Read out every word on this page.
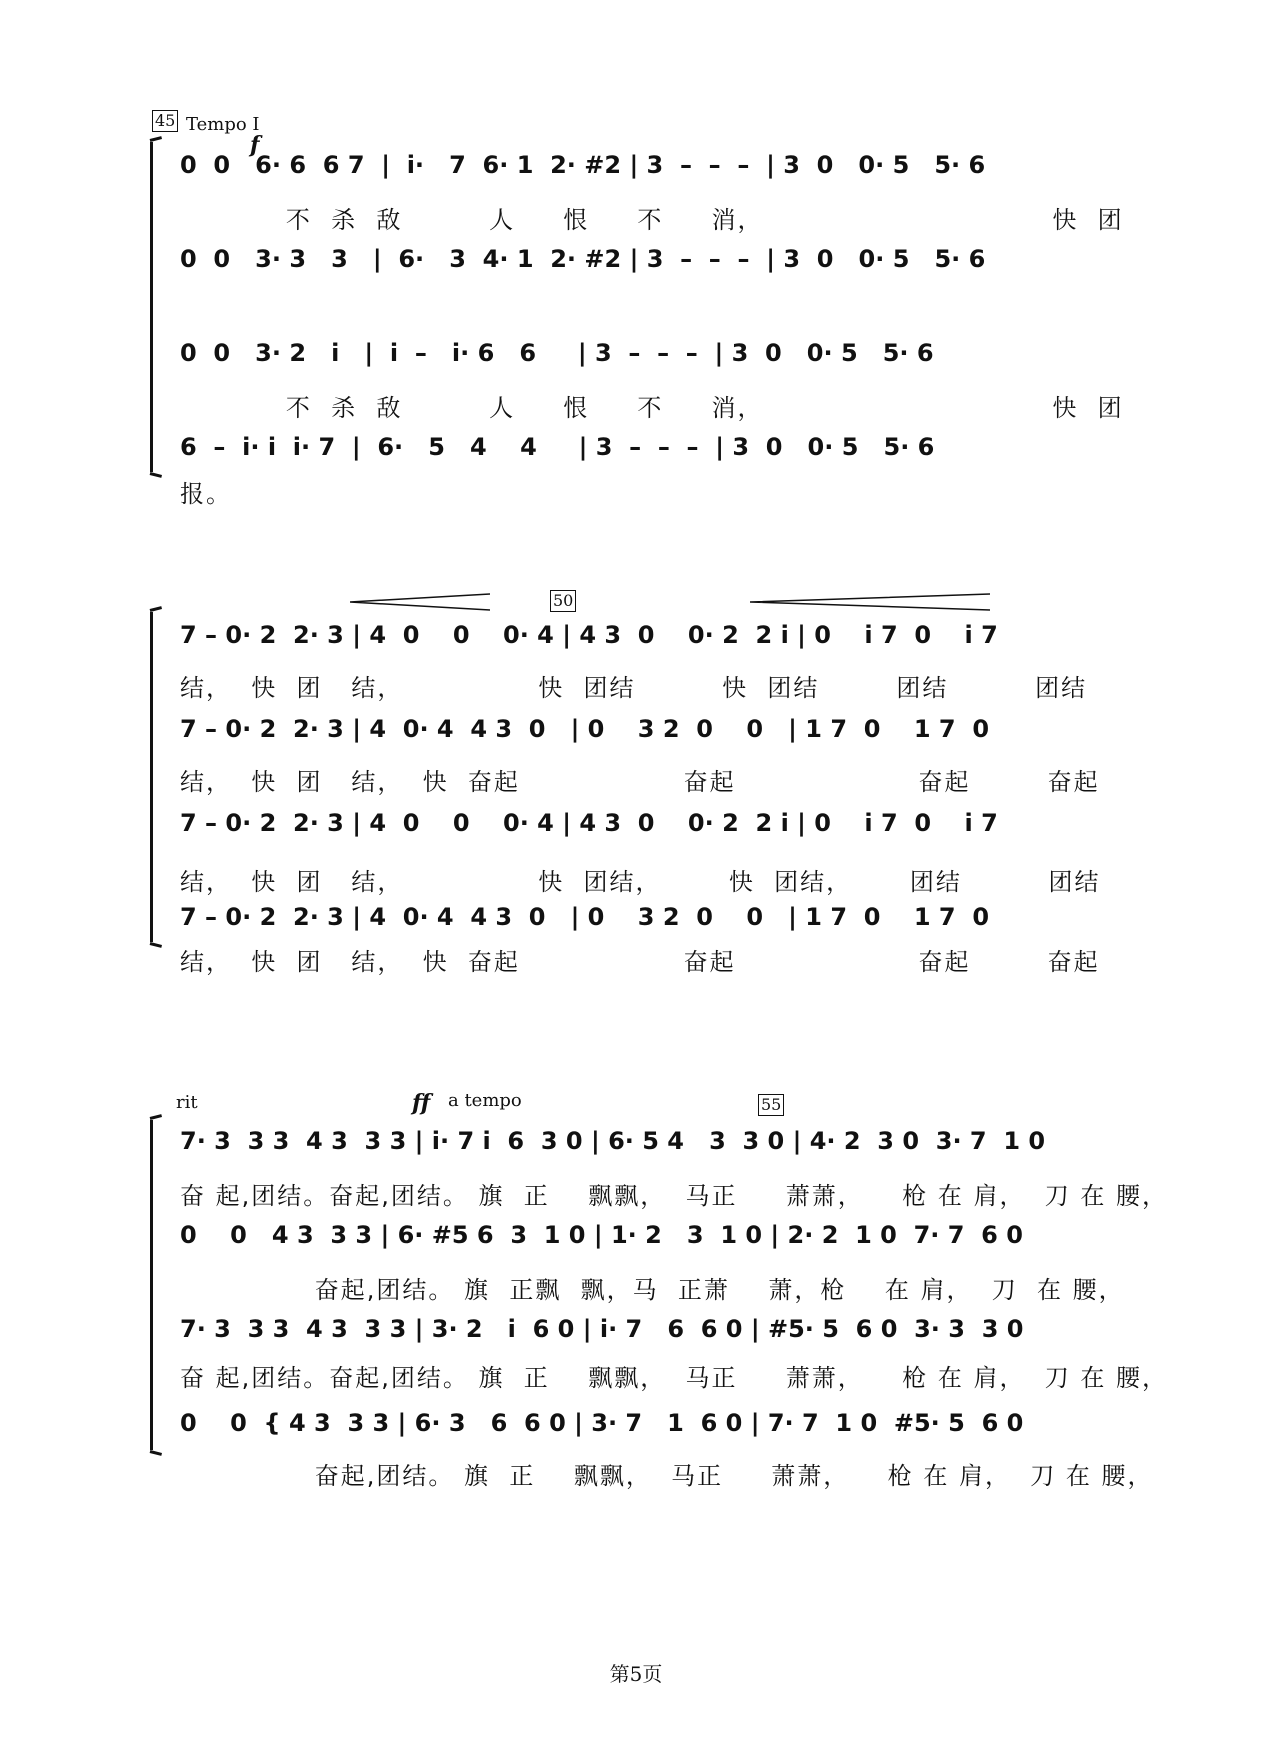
45 Tempo I
f
0  0   6· 6  6 7  |  i·   7  6· 1  2· #2 | 3  –  –  –  | 3  0   0· 5   5· 6
不  杀  敌         人     恨     不     消，                              快  团
0  0   3· 3   3   |  6·   3  4· 1  2· #2 | 3  –  –  –  | 3  0   0· 5   5· 6
0  0   3· 2   i   |  i  –   i· 6   6     | 3  –  –  –  | 3  0   0· 5   5· 6
不  杀  敌         人     恨     不     消，                              快  团
6  –  i· i  i· 7  |  6·   5   4    4     | 3  –  –  –  | 3  0   0· 5   5· 6
报。
50
7 – 0· 2  2· 3 | 4  0    0    0· 4 | 4 3  0    0· 2  2 i | 0    i 7  0    i 7
结，  快  团   结，              快  团结         快  团结        团结         团结
7 – 0· 2  2· 3 | 4  0· 4  4 3  0   | 0    3 2  0    0   | 1 7  0    1 7  0
结，  快  团   结，  快  奋起                 奋起                   奋起        奋起
7 – 0· 2  2· 3 | 4  0    0    0· 4 | 4 3  0    0· 2  2 i | 0    i 7  0    i 7
结，  快  团   结，              快  团结，       快  团结，      团结         团结
7 – 0· 2  2· 3 | 4  0· 4  4 3  0   | 0    3 2  0    0   | 1 7  0    1 7  0
结，  快  团   结，  快  奋起                 奋起                   奋起        奋起
rit	ff a tempo	55
7· 3  3 3  4 3  3 3 | i· 7 i  6  3 0 | 6· 5 4   3  3 0 | 4· 2  3 0  3· 7  1 0
奋 起,团结。奋起,团结。 旗  正    飘飘，  马正     萧萧，    枪 在 肩，  刀 在 腰，
0    0   4 3  3 3 | 6· #5 6  3  1 0 | 1· 2   3  1 0 | 2· 2  1 0  7· 7  6 0
奋起,团结。 旗  正飘  飘，马  正萧    萧，枪    在 肩，  刀  在 腰，
7· 3  3 3  4 3  3 3 | 3· 2   i  6 0 | i· 7   6  6 0 | #5· 5  6 0  3· 3  3 0
奋 起,团结。奋起,团结。 旗  正    飘飘，  马正     萧萧，    枪 在 肩，  刀 在 腰，
0    0  { 4 3  3 3 | 6· 3   6  6 0 | 3· 7   1  6 0 | 7· 7  1 0  #5· 5  6 0
奋起,团结。 旗  正    飘飘，  马正     萧萧，    枪 在 肩，  刀 在 腰，
第5页
